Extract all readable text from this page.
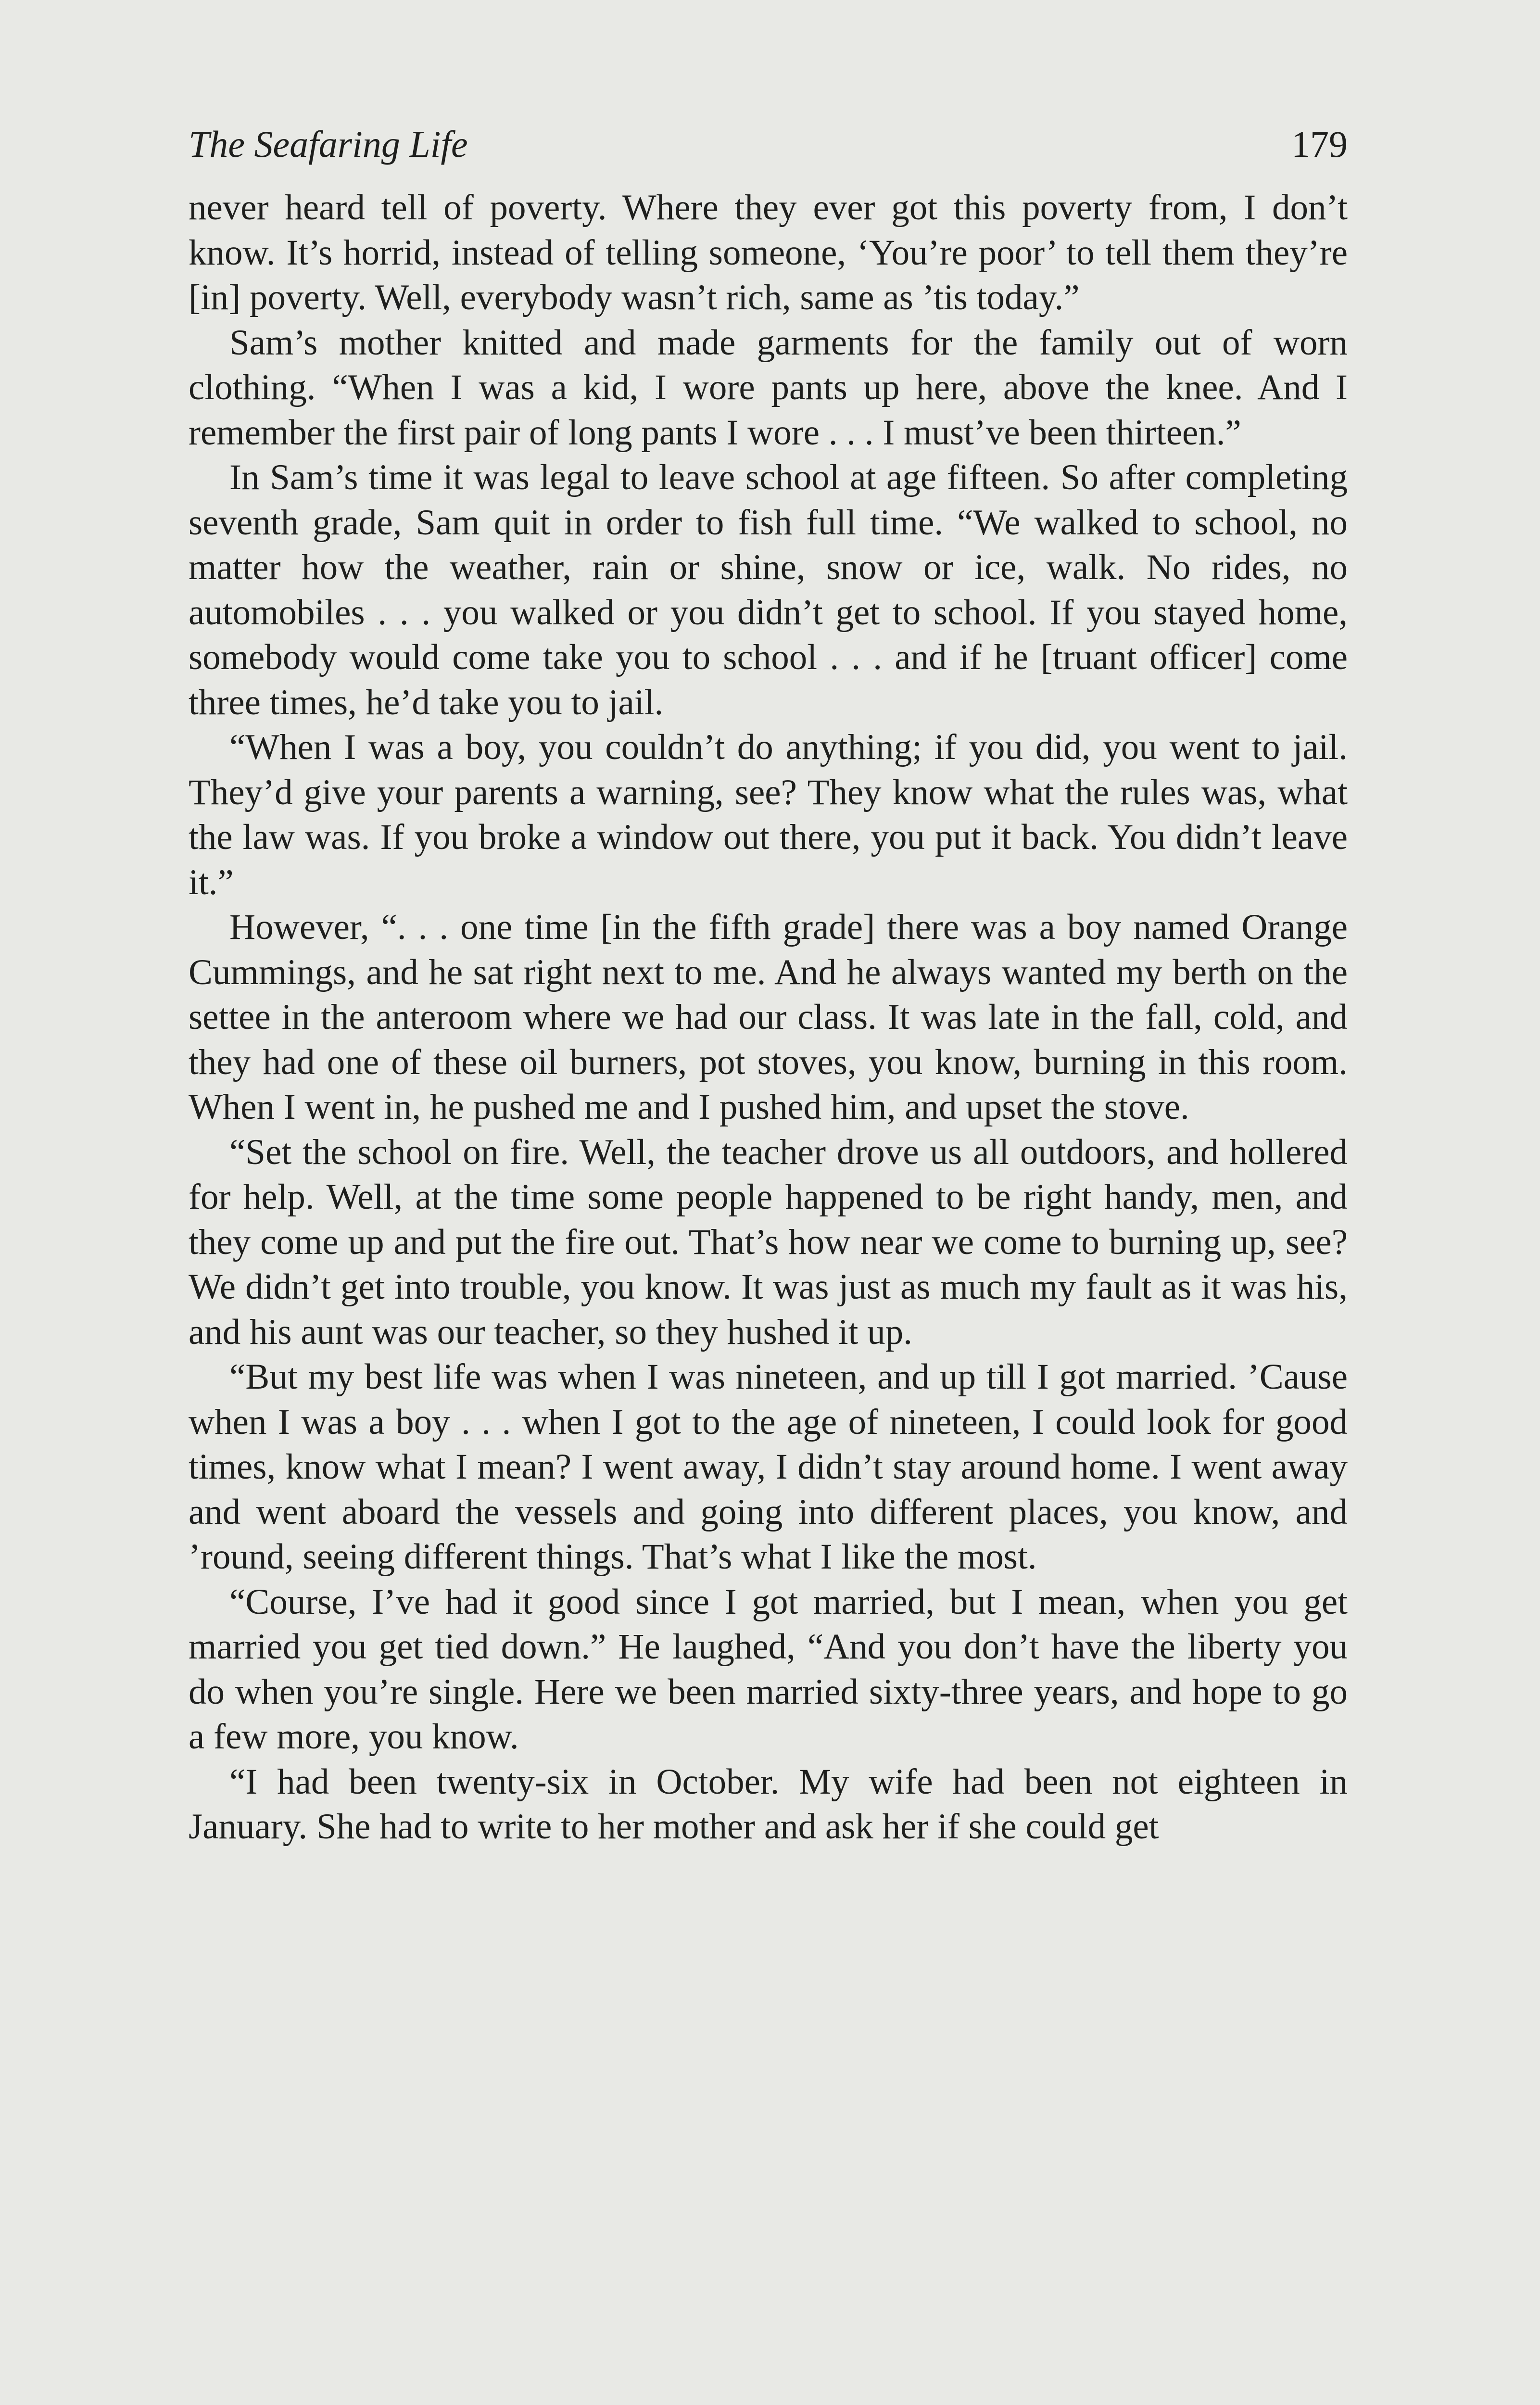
The Seafaring Life	179

never heard tell of poverty. Where they ever got this poverty from, I don’t know. It’s horrid, instead of telling someone, ‘You’re poor’ to tell them they’re [in] poverty. Well, everybody wasn’t rich, same as ’tis today.”

Sam’s mother knitted and made garments for the family out of worn clothing. “When I was a kid, I wore pants up here, above the knee. And I remember the first pair of long pants I wore . . . I must’ve been thirteen.”

In Sam’s time it was legal to leave school at age fifteen. So after completing seventh grade, Sam quit in order to fish full time. “We walked to school, no matter how the weather, rain or shine, snow or ice, walk. No rides, no automobiles . . . you walked or you didn’t get to school. If you stayed home, somebody would come take you to school . . . and if he [truant officer] come three times, he’d take you to jail.

“When I was a boy, you couldn’t do anything; if you did, you went to jail. They’d give your parents a warning, see? They know what the rules was, what the law was. If you broke a window out there, you put it back. You didn’t leave it.”

However, “. . . one time [in the fifth grade] there was a boy named Orange Cummings, and he sat right next to me. And he always wanted my berth on the settee in the anteroom where we had our class. It was late in the fall, cold, and they had one of these oil burners, pot stoves, you know, burning in this room. When I went in, he pushed me and I pushed him, and upset the stove.

“Set the school on fire. Well, the teacher drove us all outdoors, and hollered for help. Well, at the time some people happened to be right handy, men, and they come up and put the fire out. That’s how near we come to burning up, see? We didn’t get into trouble, you know. It was just as much my fault as it was his, and his aunt was our teacher, so they hushed it up.

“But my best life was when I was nineteen, and up till I got married. ’Cause when I was a boy . . . when I got to the age of nineteen, I could look for good times, know what I mean? I went away, I didn’t stay around home. I went away and went aboard the vessels and going into different places, you know, and ’round, seeing different things. That’s what I like the most.

“Course, I’ve had it good since I got married, but I mean, when you get married you get tied down.” He laughed, “And you don’t have the liberty you do when you’re single. Here we been married sixty-three years, and hope to go a few more, you know.

“I had been twenty-six in October. My wife had been not eighteen in January. She had to write to her mother and ask her if she could get
